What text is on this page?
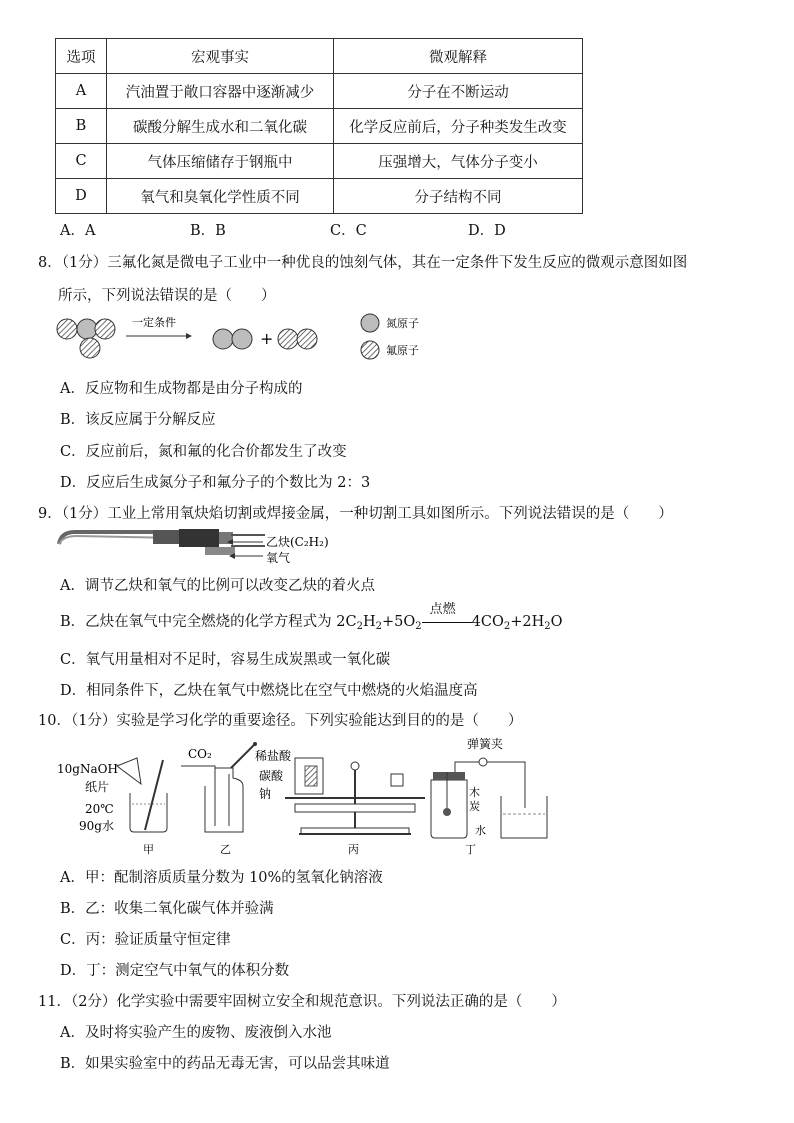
选项	宏观事实	微观解释
A	汽油置于敞口容器中逐渐减少	分子在不断运动
B	碳酸分解生成水和二氧化碳	化学反应前后，分子种类发生改变
C	气体压缩储存于钢瓶中	压强增大，气体分子变小
D	氧气和臭氧化学性质不同	分子结构不同
A．A	B．B	C．C	D．D
8．（1分）三氟化氮是微电子工业中一种优良的蚀刻气体，其在一定条件下发生反应的微观示意图如图
所示，下列说法错误的是（　　）
一定条件
+
氮原子
氟原子
A．反应物和生成物都是由分子构成的
B．该反应属于分解反应
C．反应前后，氮和氟的化合价都发生了改变
D．反应后生成氮分子和氟分子的个数比为 2：3
9．（1分）工业上常用氧炔焰切割或焊接金属，一种切割工具如图所示。下列说法错误的是（　　）
乙炔(C₂H₂)
氧气
A．调节乙炔和氧气的比例可以改变乙炔的着火点
B．乙炔在氧气中完全燃烧的化学方程式为 $2C_2H_2+5O_2$
点燃
$4CO_2+2H_2O$
C．氧气用量相对不足时，容易生成炭黑或一氧化碳
D．相同条件下，乙炔在氧气中燃烧比在空气中燃烧的火焰温度高
10．（1分）实验是学习化学的重要途径。下列实验能达到目的的是（　　）
10gNaOH
纸片
20℃
90g水
甲
CO₂
乙
稀盐酸
碳酸
钠
丙
弹簧夹
木
炭
水
丁
A．甲：配制溶质质量分数为 10%的氢氧化钠溶液
B．乙：收集二氧化碳气体并验满
C．丙：验证质量守恒定律
D．丁：测定空气中氧气的体积分数
11．（2分）化学实验中需要牢固树立安全和规范意识。下列说法正确的是（　　）
A．及时将实验产生的废物、废液倒入水池
B．如果实验室中的药品无毒无害，可以品尝其味道
